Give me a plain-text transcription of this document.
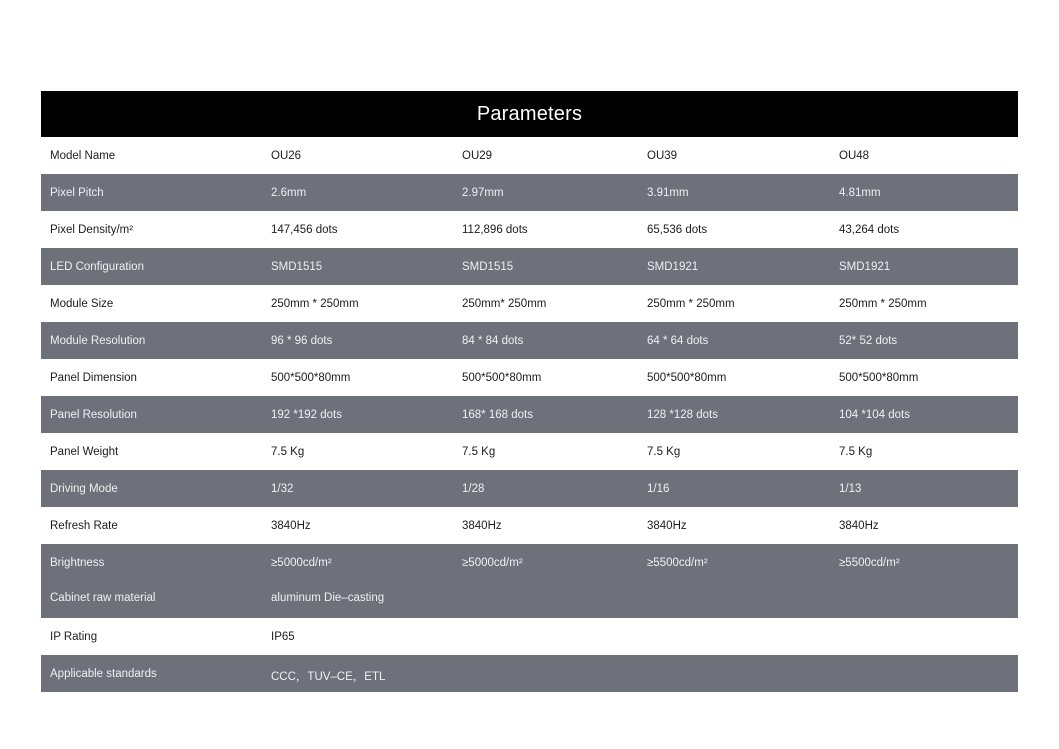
Parameters
Model Name	OU26	OU29	OU39	OU48
Pixel Pitch	2.6mm	2.97mm	3.91mm	4.81mm
Pixel Density/m²	147,456 dots	112,896 dots	65,536 dots	43,264 dots
LED Configuration	SMD1515	SMD1515	SMD1921	SMD1921
Module Size	250mm * 250mm	250mm* 250mm	250mm * 250mm	250mm * 250mm
Module Resolution	96 * 96 dots	84 * 84 dots	64 * 64 dots	52* 52 dots
Panel Dimension	500*500*80mm	500*500*80mm	500*500*80mm	500*500*80mm
Panel Resolution	192 *192 dots	168* 168 dots	128 *128 dots	104 *104 dots
Panel Weight	7.5 Kg	7.5 Kg	7.5 Kg	7.5 Kg
Driving Mode	1/32	1/28	1/16	1/13
Refresh Rate	3840Hz	3840Hz	3840Hz	3840Hz
Brightness	≥5000cd/m²	≥5000cd/m²	≥5500cd/m²	≥5500cd/m²
Cabinet raw material	aluminum Die–casting
IP Rating	IP65
Applicable standards	CCC，TUV–CE，ETL
